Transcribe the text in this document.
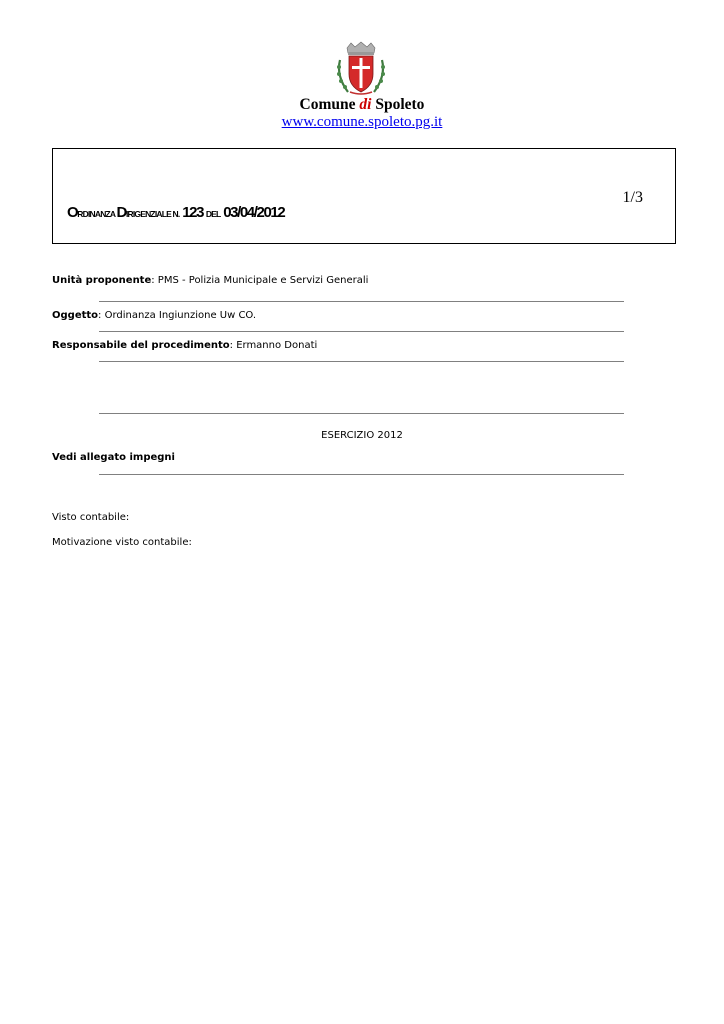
Comune di Spoleto
www.comune.spoleto.pg.it
1/3
ORDINANZA DIRIGENZIALE N. 123 DEL 03/04/2012
Unità proponente: PMS - Polizia Municipale e Servizi Generali
Oggetto: Ordinanza Ingiunzione Uw CO.
Responsabile del procedimento: Ermanno Donati
ESERCIZIO 2012
Vedi allegato impegni
Visto contabile:
Motivazione visto contabile:
